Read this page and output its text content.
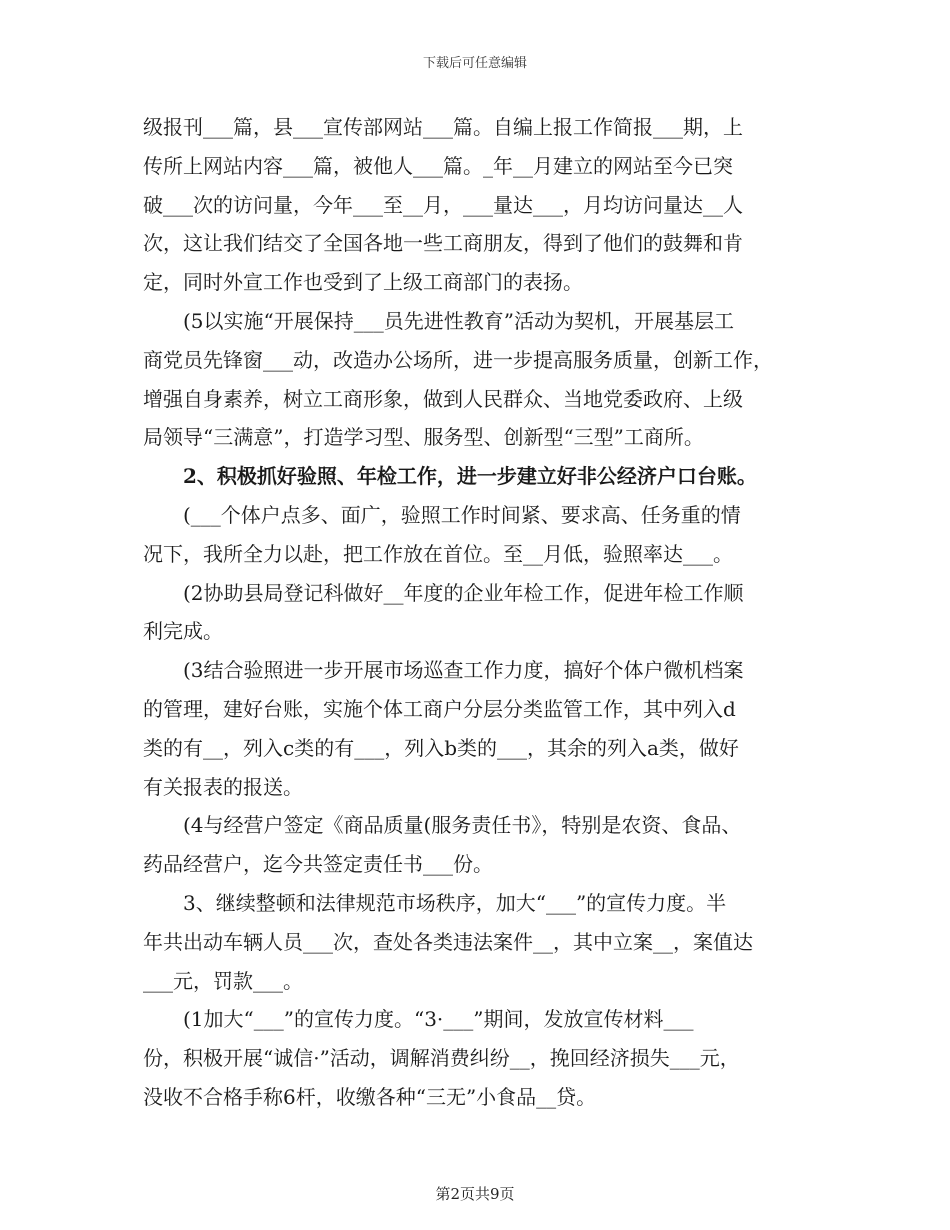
下载后可任意编辑
级报刊___篇，县___宣传部网站___篇。自编上报工作简报___期，上
传所上网站内容___篇，被他人___篇。_年__月建立的网站至今已突
破___次的访问量，今年___至__月，___量达___，月均访问量达__人
次，这让我们结交了全国各地一些工商朋友，得到了他们的鼓舞和肯
定，同时外宣工作也受到了上级工商部门的表扬。
　　(5以实施“开展保持___员先进性教育”活动为契机，开展基层工
商党员先锋窗___动，改造办公场所，进一步提高服务质量，创新工作，
增强自身素养，树立工商形象，做到人民群众、当地党委政府、上级
局领导“三满意”，打造学习型、服务型、创新型“三型”工商所。
　　2、积极抓好验照、年检工作，进一步建立好非公经济户口台账。
　　(___个体户点多、面广，验照工作时间紧、要求高、任务重的情
况下，我所全力以赴，把工作放在首位。至__月低，验照率达___。
　　(2协助县局登记科做好__年度的企业年检工作，促进年检工作顺
利完成。
　　(3结合验照进一步开展市场巡查工作力度，搞好个体户微机档案
的管理，建好台账，实施个体工商户分层分类监管工作，其中列入d
类的有__，列入c类的有___，列入b类的___，其余的列入a类，做好
有关报表的报送。
　　(4与经营户签定《商品质量(服务责任书》，特别是农资、食品、
药品经营户，迄今共签定责任书___份。
　　3、继续整顿和法律规范市场秩序，加大“___”的宣传力度。半
年共出动车辆人员___次，查处各类违法案件__，其中立案__，案值达
___元，罚款___。
　　(1加大“___”的宣传力度。“3·___”期间，发放宣传材料___
份，积极开展“诚信·”活动，调解消费纠纷__，挽回经济损失___元，
没收不合格手称6杆，收缴各种“三无”小食品__贷。
第2页共9页
